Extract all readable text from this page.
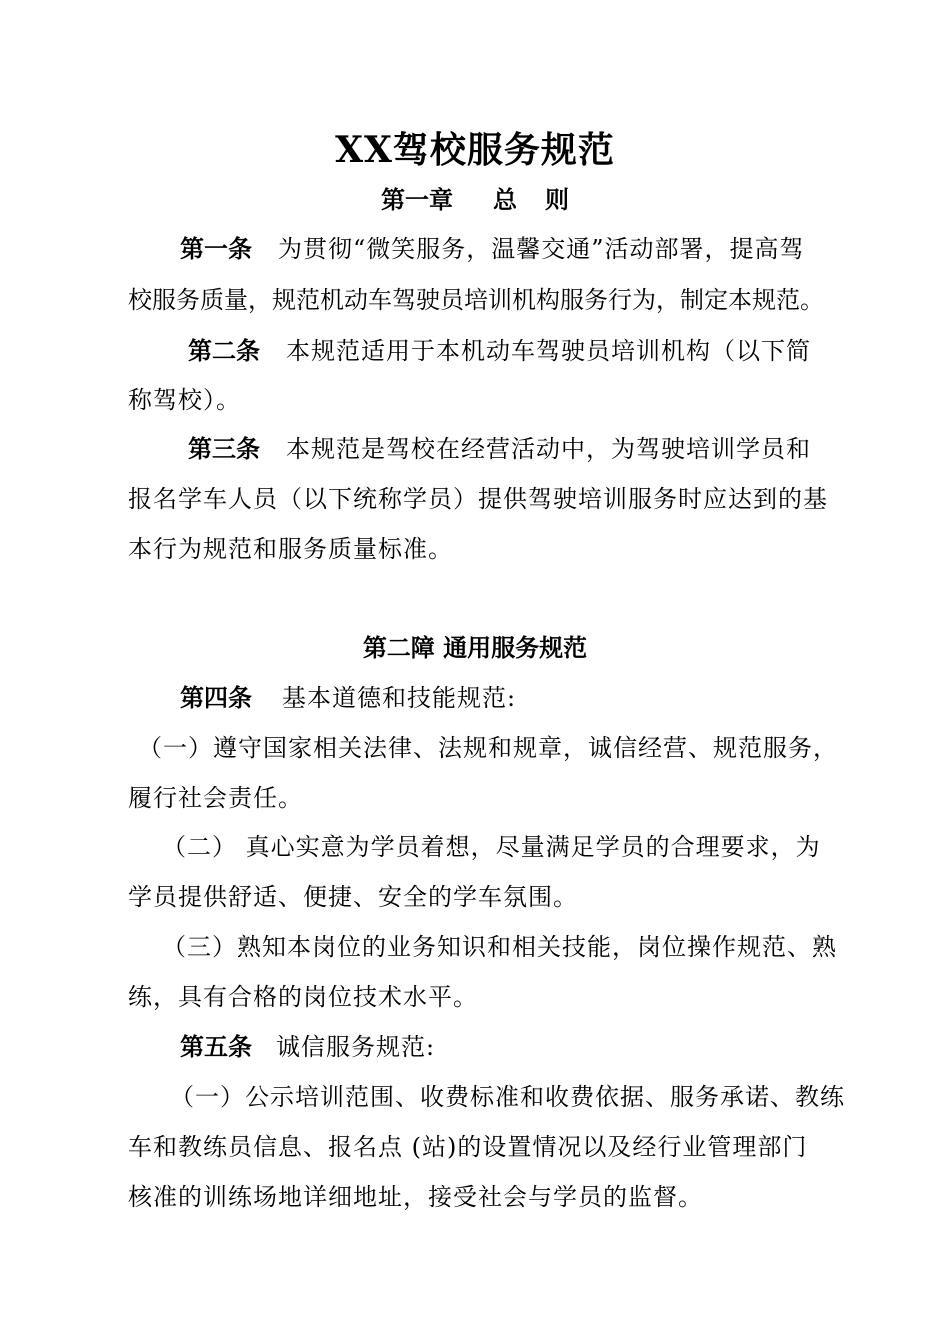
XX驾校服务规范
第一章 总 则
第一条 为贯彻“微笑服务，温馨交通”活动部署，提高驾
校服务质量，规范机动车驾驶员培训机构服务行为，制定本规范。
第二条 本规范适用于本机动车驾驶员培训机构（以下简
称驾校）。
第三条 本规范是驾校在经营活动中，为驾驶培训学员和
报名学车人员（以下统称学员）提供驾驶培训服务时应达到的基
本行为规范和服务质量标准。
第二障 通用服务规范
第四条 基本道德和技能规范:
（一）遵守国家相关法律、法规和规章，诚信经营、规范服务，
履行社会责任。
（二） 真心实意为学员着想，尽量满足学员的合理要求，为
学员提供舒适、便捷、安全的学车氛围。
（三）熟知本岗位的业务知识和相关技能，岗位操作规范、熟
练，具有合格的岗位技术水平。
第五条 诚信服务规范:
（一）公示培训范围、收费标准和收费依据、服务承诺、教练
车和教练员信息、报名点 (站)的设置情况以及经行业管理部门
核准的训练场地详细地址，接受社会与学员的监督。
